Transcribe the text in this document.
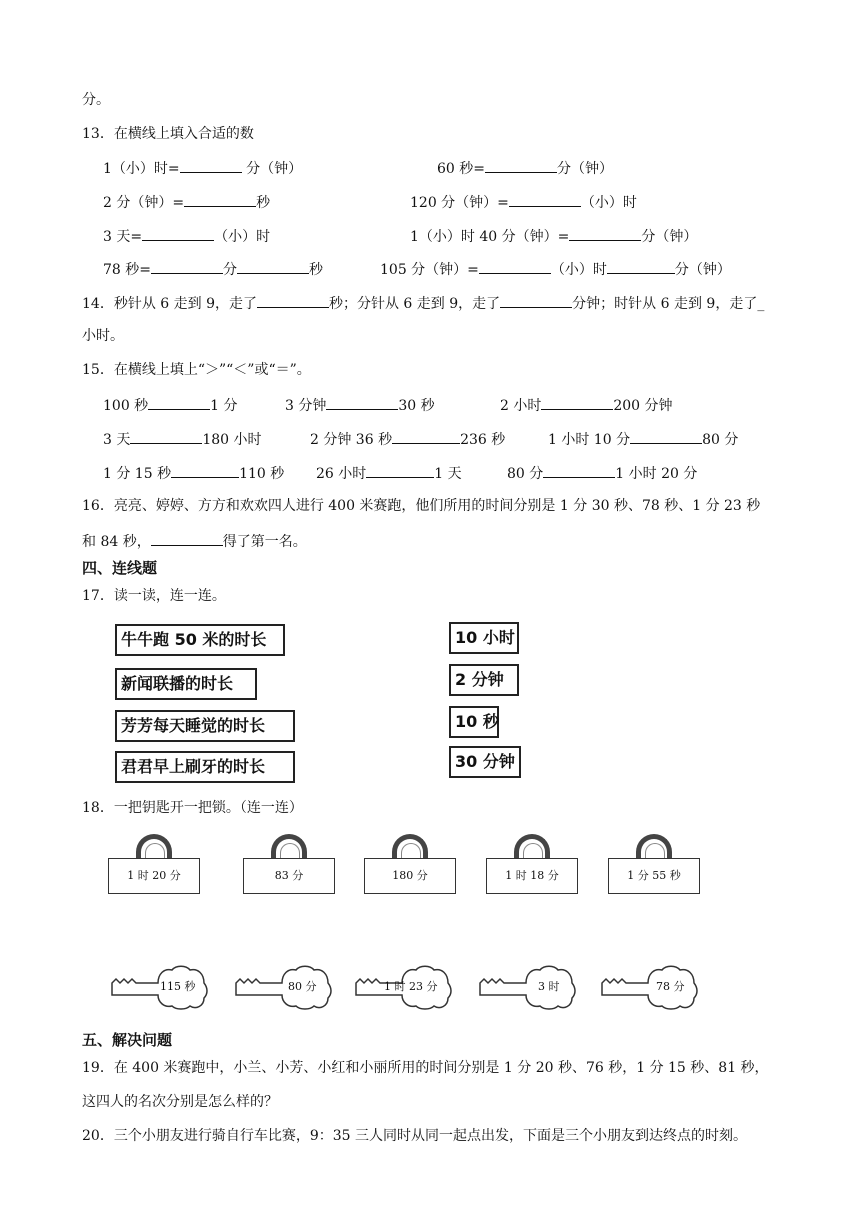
分。
13．在横线上填入合适的数
1（小）时=	分（钟）	60 秒=	分（钟）
2 分（钟）=	秒	120 分（钟）=	（小）时
3 天=	（小）时	1（小）时 40 分（钟）=	分（钟）
78 秒=	分	秒	105 分（钟）=	（小）时	分（钟）
14．秒针从 6 走到 9，走了	秒；分针从 6 走到 9，走了	分钟；时针从 6 走到 9，走了_
小时。
15．在横线上填上“＞”“＜”或“＝”。
100 秒	1 分	3 分钟	30 秒	2 小时	200 分钟
3 天	180 小时	2 分钟 36 秒	236 秒	1 小时 10 分	80 分
1 分 15 秒	110 秒 26 小时	1 天	80 分	1 小时 20 分
16．亮亮、婷婷、方方和欢欢四人进行 400 米赛跑，他们所用的时间分别是 1 分 30 秒、78 秒、1 分 23 秒
和 84 秒，	得了第一名。
四、连线题
17．读一读，连一连。
牛牛跑 50 米的时长
新闻联播的时长
芳芳每天睡觉的时长
君君早上刷牙的时长
10 小时
2 分钟
10 秒
30 分钟
18．一把钥匙开一把锁。（连一连）
1 时 20 分	83 分	180 分	1 时 18 分	1 分 55 秒
115 秒	80 分	1 时 23 分	3 时	78 分
五、解决问题
19．在 400 米赛跑中，小兰、小芳、小红和小丽所用的时间分别是 1 分 20 秒、76 秒，1 分 15 秒、81 秒，
这四人的名次分别是怎么样的？
20．三个小朋友进行骑自行车比赛，9：35 三人同时从同一起点出发，下面是三个小朋友到达终点的时刻。
